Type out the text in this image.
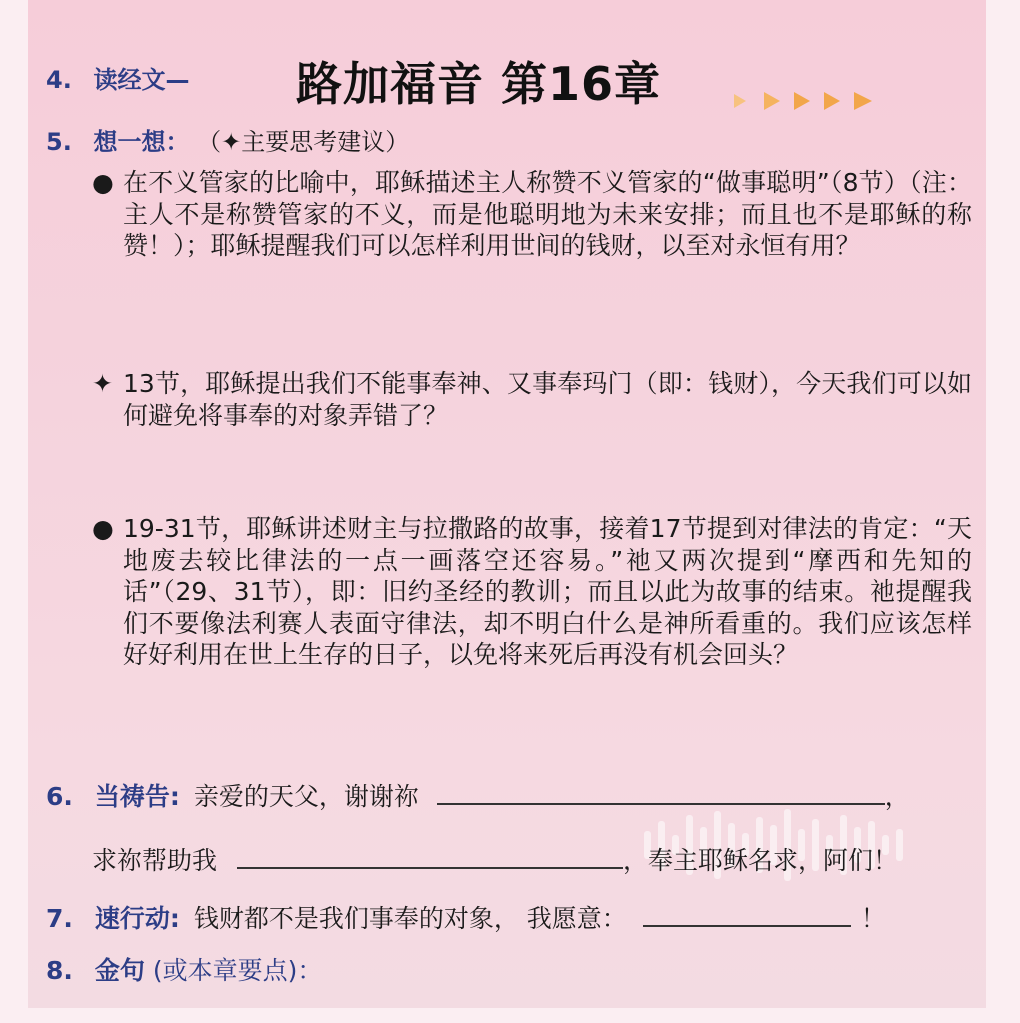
4. 读经文— 路加福音 第16章
5. 想一想： （✦主要思考建议）
● 在不义管家的比喻中，耶稣描述主人称赞不义管家的“做事聪明”（8节）（注：主人不是称赞管家的不义，而是他聪明地为未来安排；而且也不是耶稣的称赞！）；耶稣提醒我们可以怎样利用世间的钱财，以至对永恒有用？
✦ 13节，耶稣提出我们不能事奉神、又事奉玛门（即：钱财），今天我们可以如何避免将事奉的对象弄错了？
● 19-31节，耶稣讲述财主与拉撒路的故事，接着17节提到对律法的肯定：“天地废去较比律法的一点一画落空还容易。”祂又两次提到“摩西和先知的话”（29、31节），即：旧约圣经的教训；而且以此为故事的结束。祂提醒我们不要像法利赛人表面守律法，却不明白什么是神所看重的。我们应该怎样好好利用在世上生存的日子，以免将来死后再没有机会回头？
6. 当祷告: 亲爱的天父，谢谢祢	，
求祢帮助我	，奉主耶稣名求，阿们！
7. 速行动: 钱财都不是我们事奉的对象， 我愿意：	！
8. 金句 (或本章要点)：
